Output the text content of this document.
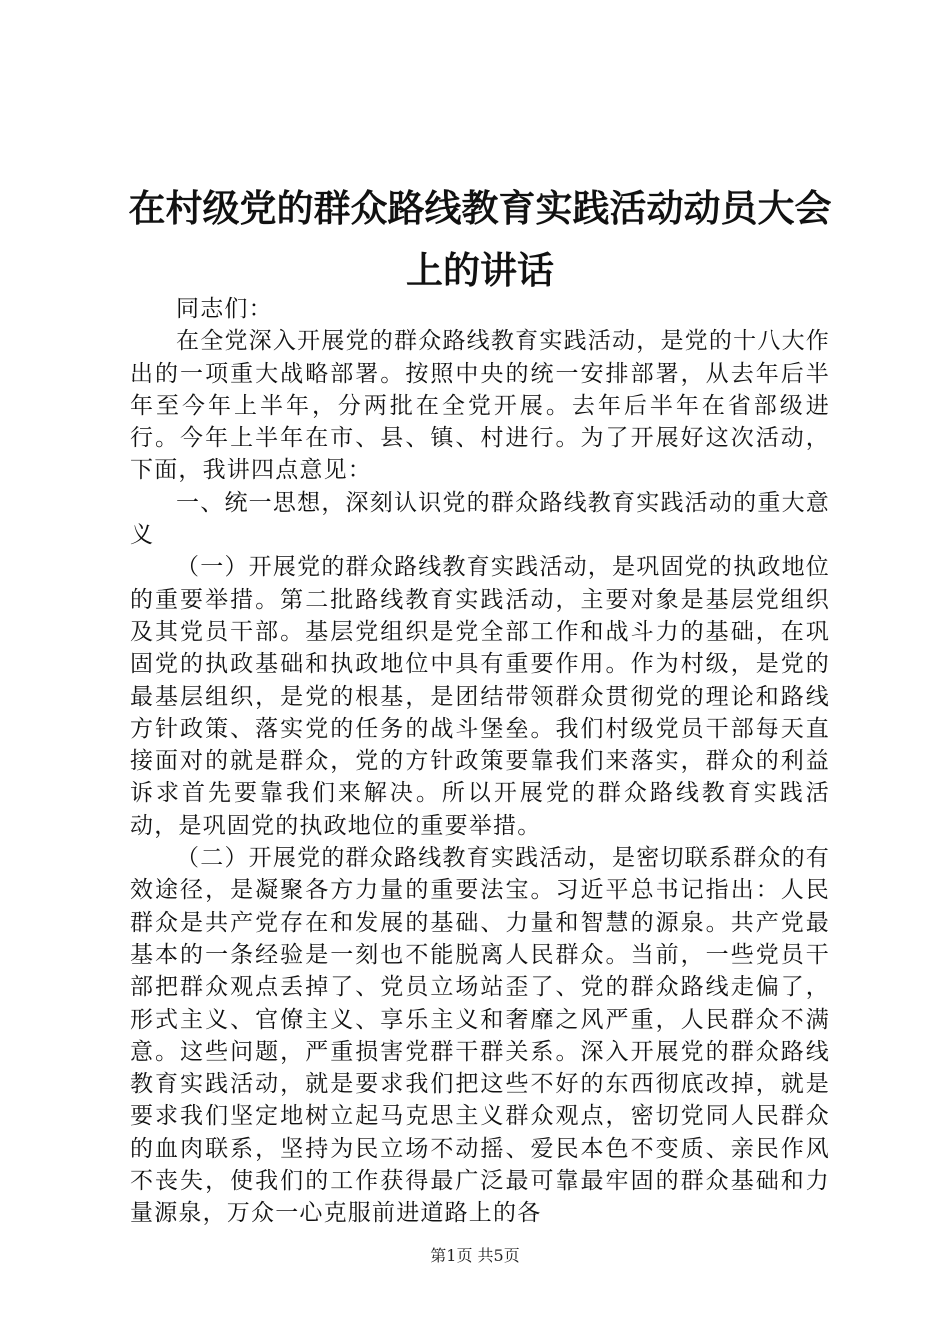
在村级党的群众路线教育实践活动动员大会上的讲话

同志们：

在全党深入开展党的群众路线教育实践活动，是党的十八大作出的一项重大战略部署。按照中央的统一安排部署，从去年后半年至今年上半年，分两批在全党开展。去年后半年在省部级进行。今年上半年在市、县、镇、村进行。为了开展好这次活动，下面，我讲四点意见：

一、统一思想，深刻认识党的群众路线教育实践活动的重大意义

（一）开展党的群众路线教育实践活动，是巩固党的执政地位的重要举措。第二批路线教育实践活动，主要对象是基层党组织及其党员干部。基层党组织是党全部工作和战斗力的基础，在巩固党的执政基础和执政地位中具有重要作用。作为村级，是党的最基层组织，是党的根基，是团结带领群众贯彻党的理论和路线方针政策、落实党的任务的战斗堡垒。我们村级党员干部每天直接面对的就是群众，党的方针政策要靠我们来落实，群众的利益诉求首先要靠我们来解决。所以开展党的群众路线教育实践活动，是巩固党的执政地位的重要举措。

（二）开展党的群众路线教育实践活动，是密切联系群众的有效途径，是凝聚各方力量的重要法宝。习近平总书记指出：人民群众是共产党存在和发展的基础、力量和智慧的源泉。共产党最基本的一条经验是一刻也不能脱离人民群众。当前，一些党员干部把群众观点丢掉了、党员立场站歪了、党的群众路线走偏了，形式主义、官僚主义、享乐主义和奢靡之风严重，人民群众不满意。这些问题，严重损害党群干群关系。深入开展党的群众路线教育实践活动，就是要求我们把这些不好的东西彻底改掉，就是要求我们坚定地树立起马克思主义群众观点，密切党同人民群众的血肉联系，坚持为民立场不动摇、爱民本色不变质、亲民作风不丧失，使我们的工作获得最广泛最可靠最牢固的群众基础和力量源泉，万众一心克服前进道路上的各

第1页 共5页
